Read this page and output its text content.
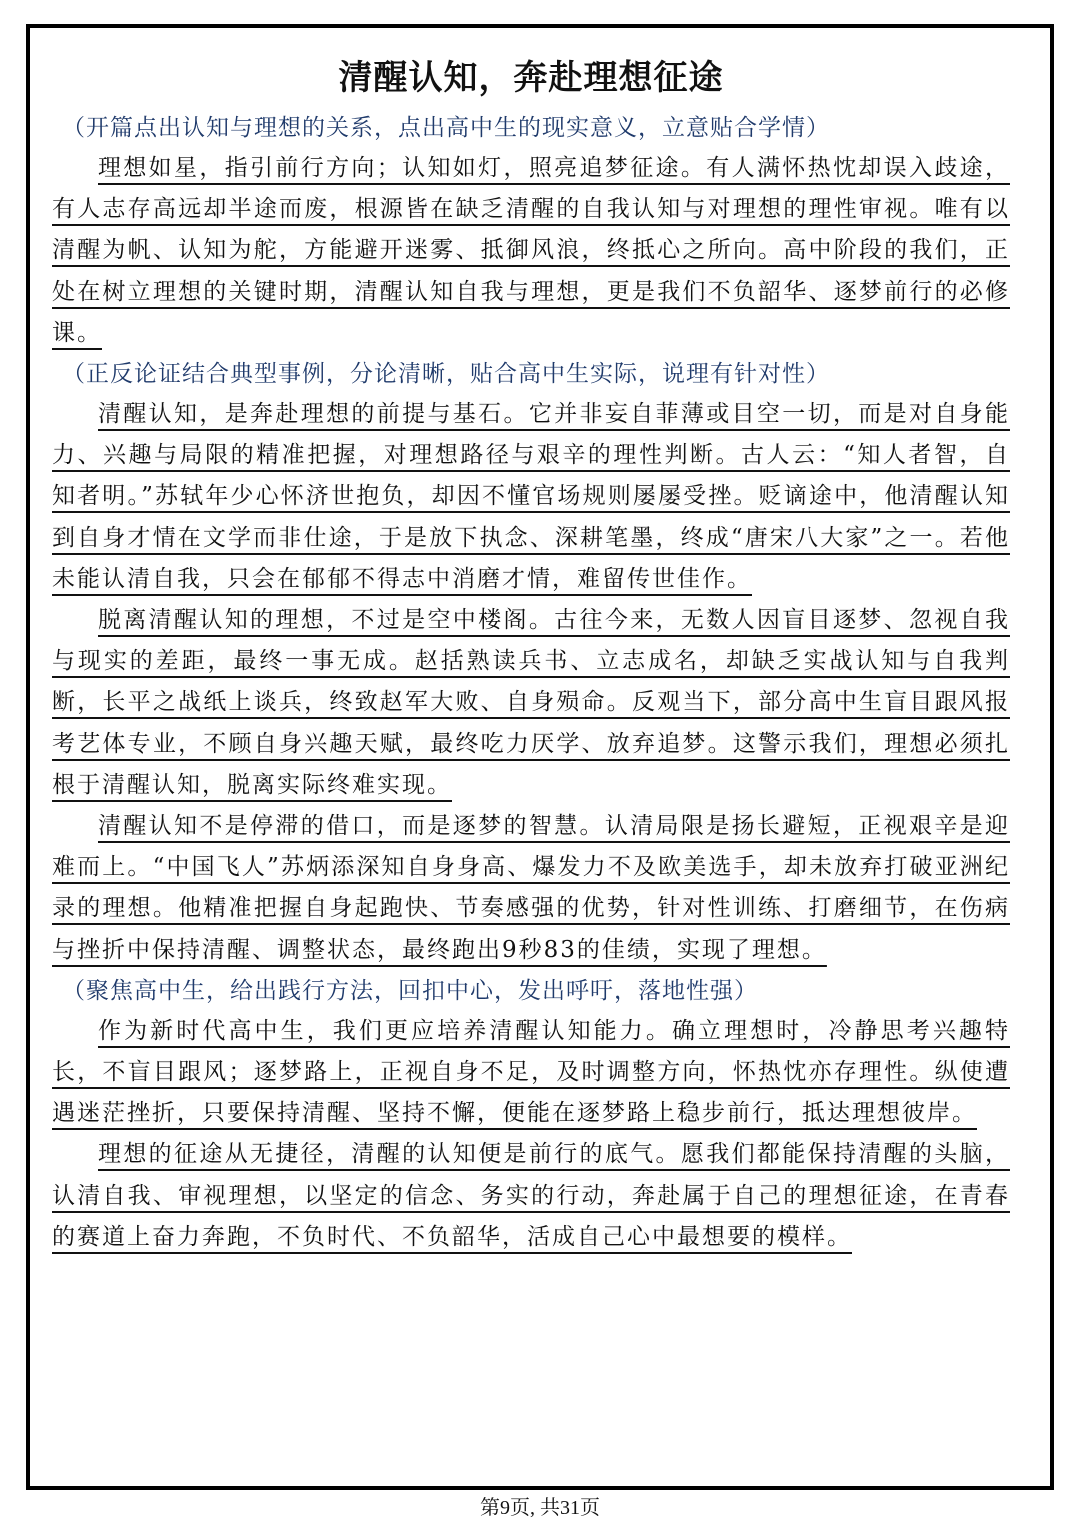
清醒认知，奔赴理想征途
（开篇点出认知与理想的关系，点出高中生的现实意义，立意贴合学情）

理想如星，指引前行方向；认知如灯，照亮追梦征途。有人满怀热忱却误入歧途，有人志存高远却半途而废，根源皆在缺乏清醒的自我认知与对理想的理性审视。唯有以清醒为帆、认知为舵，方能避开迷雾、抵御风浪，终抵心之所向。高中阶段的我们，正处在树立理想的关键时期，清醒认知自我与理想，更是我们不负韶华、逐梦前行的必修课。

（正反论证结合典型事例，分论清晰，贴合高中生实际，说理有针对性）

清醒认知，是奔赴理想的前提与基石。它并非妄自菲薄或目空一切，而是对自身能力、兴趣与局限的精准把握，对理想路径与艰辛的理性判断。古人云：“知人者智，自知者明。”苏轼年少心怀济世抱负，却因不懂官场规则屡屡受挫。贬谪途中，他清醒认知到自身才情在文学而非仕途，于是放下执念、深耕笔墨，终成“唐宋八大家”之一。若他未能认清自我，只会在郁郁不得志中消磨才情，难留传世佳作。

脱离清醒认知的理想，不过是空中楼阁。古往今来，无数人因盲目逐梦、忽视自我与现实的差距，最终一事无成。赵括熟读兵书、立志成名，却缺乏实战认知与自我判断，长平之战纸上谈兵，终致赵军大败、自身殒命。反观当下，部分高中生盲目跟风报考艺体专业，不顾自身兴趣天赋，最终吃力厌学、放弃追梦。这警示我们，理想必须扎根于清醒认知，脱离实际终难实现。

清醒认知不是停滞的借口，而是逐梦的智慧。认清局限是扬长避短，正视艰辛是迎难而上。“中国飞人”苏炳添深知自身身高、爆发力不及欧美选手，却未放弃打破亚洲纪录的理想。他精准把握自身起跑快、节奏感强的优势，针对性训练、打磨细节，在伤病与挫折中保持清醒、调整状态，最终跑出9秒83的佳绩，实现了理想。

（聚焦高中生，给出践行方法，回扣中心，发出呼吁，落地性强）

作为新时代高中生，我们更应培养清醒认知能力。确立理想时，冷静思考兴趣特长，不盲目跟风；逐梦路上，正视自身不足，及时调整方向，怀热忱亦存理性。纵使遭遇迷茫挫折，只要保持清醒、坚持不懈，便能在逐梦路上稳步前行，抵达理想彼岸。

理想的征途从无捷径，清醒的认知便是前行的底气。愿我们都能保持清醒的头脑，认清自我、审视理想，以坚定的信念、务实的行动，奔赴属于自己的理想征途，在青春的赛道上奋力奔跑，不负时代、不负韶华，活成自己心中最想要的模样。

第9页, 共31页
